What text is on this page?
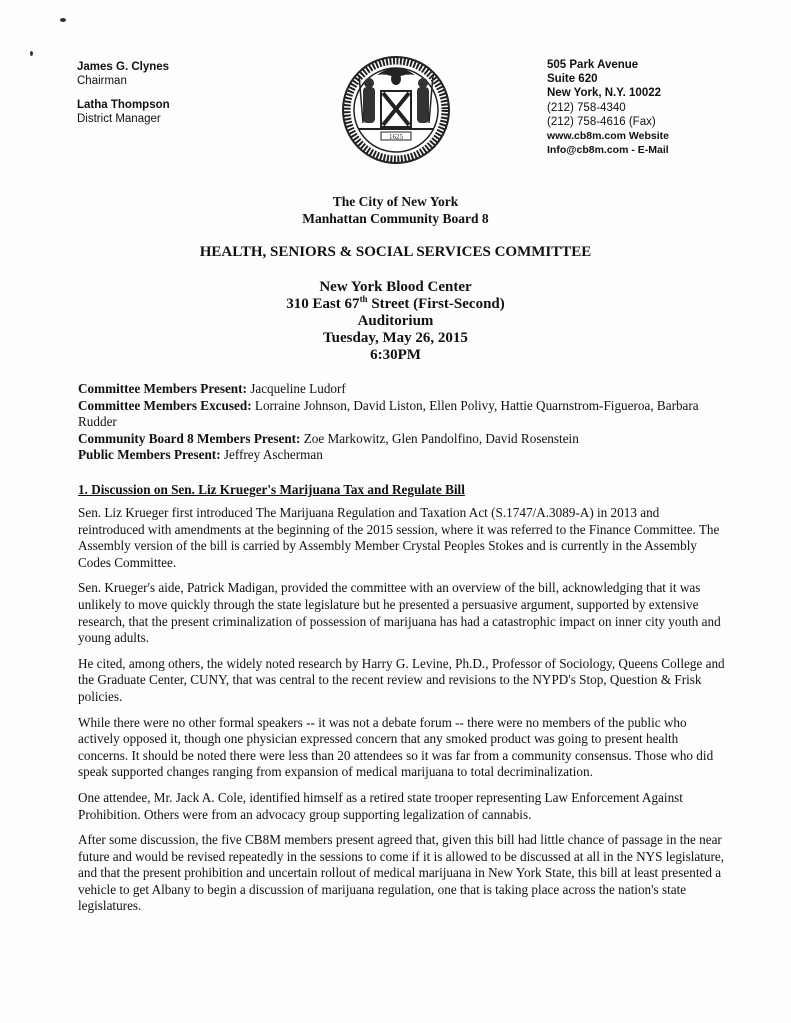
James G. Clynes
Chairman
Latha Thompson
District Manager
1625
505 Park Avenue
Suite 620
New York, N.Y. 10022
(212) 758-4340
(212) 758-4616 (Fax)
www.cb8m.com Website
Info@cb8m.com - E-Mail
The City of New York
Manhattan Community Board 8
HEALTH, SENIORS & SOCIAL SERVICES COMMITTEE
New York Blood Center
310 East 67th Street (First-Second)
Auditorium
Tuesday, May 26, 2015
6:30PM
Committee Members Present: Jacqueline Ludorf
Committee Members Excused: Lorraine Johnson, David Liston, Ellen Polivy, Hattie Quarnstrom-Figueroa, Barbara Rudder
Community Board 8 Members Present: Zoe Markowitz, Glen Pandolfino, David Rosenstein
Public Members Present: Jeffrey Ascherman
1. Discussion on Sen. Liz Krueger's Marijuana Tax and Regulate Bill

Sen. Liz Krueger first introduced The Marijuana Regulation and Taxation Act (S.1747/A.3089-A) in 2013 and reintroduced with amendments at the beginning of the 2015 session, where it was referred to the Finance Committee. The Assembly version of the bill is carried by Assembly Member Crystal Peoples Stokes and is currently in the Assembly Codes Committee.

Sen. Krueger's aide, Patrick Madigan, provided the committee with an overview of the bill, acknowledging that it was unlikely to move quickly through the state legislature but he presented a persuasive argument, supported by extensive research, that the present criminalization of possession of marijuana has had a catastrophic impact on inner city youth and young adults.

He cited, among others, the widely noted research by Harry G. Levine, Ph.D., Professor of Sociology, Queens College and the Graduate Center, CUNY, that was central to the recent review and revisions to the NYPD's Stop, Question & Frisk policies.

While there were no other formal speakers -- it was not a debate forum -- there were no members of the public who actively opposed it, though one physician expressed concern that any smoked product was going to present health concerns. It should be noted there were less than 20 attendees so it was far from a community consensus. Those who did speak supported changes ranging from expansion of medical marijuana to total decriminalization.

One attendee, Mr. Jack A. Cole, identified himself as a retired state trooper representing Law Enforcement Against Prohibition. Others were from an advocacy group supporting legalization of cannabis.

After some discussion, the five CB8M members present agreed that, given this bill had little chance of passage in the near future and would be revised repeatedly in the sessions to come if it is allowed to be discussed at all in the NYS legislature, and that the present prohibition and uncertain rollout of medical marijuana in New York State, this bill at least presented a vehicle to get Albany to begin a discussion of marijuana regulation, one that is taking place across the nation's state legislatures.
